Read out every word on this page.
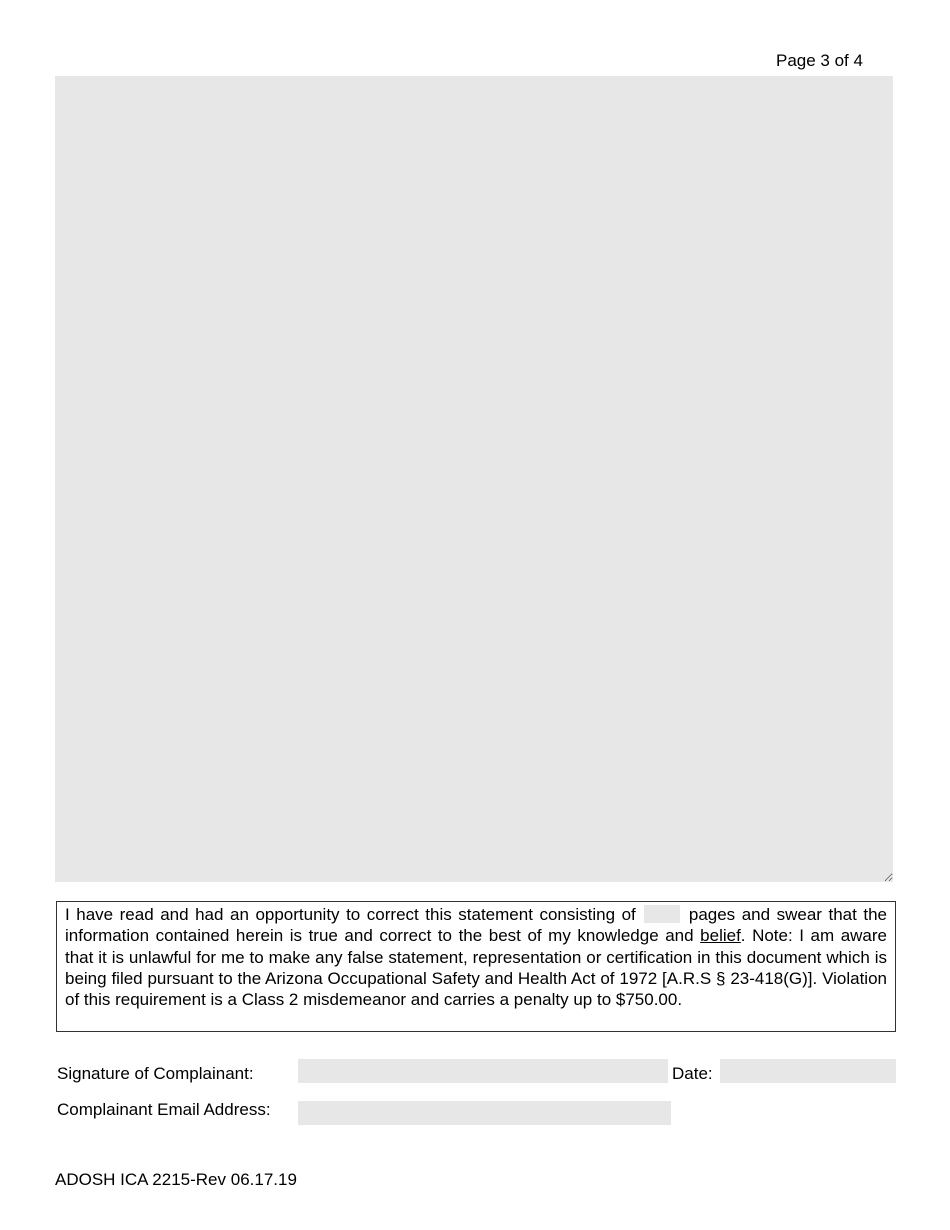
Page 3 of 4
I have read and had an opportunity to correct this statement consisting of	pages and swear that the information contained herein is true and correct to the best of my knowledge and belief. Note: I am aware that it is unlawful for me to make any false statement, representation or certification in this document which is being filed pursuant to the Arizona Occupational Safety and Health Act of 1972 [A.R.S § 23-418(G)]. Violation of this requirement is a Class 2 misdemeanor and carries a penalty up to $750.00.
Signature of Complainant:	Date:
Complainant Email Address:
ADOSH ICA 2215-Rev 06.17.19
